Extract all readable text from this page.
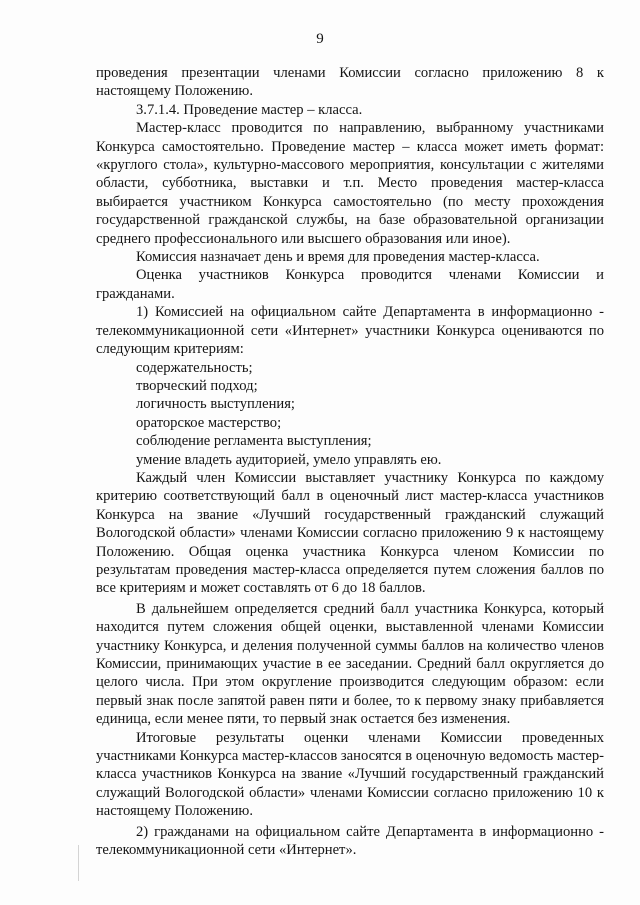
9

проведения презентации членами Комиссии согласно приложению 8 к настоящему Положению.

3.7.1.4. Проведение мастер – класса.

Мастер-класс проводится по направлению, выбранному участниками Конкурса самостоятельно. Проведение мастер – класса может иметь формат: «круглого стола», культурно-массового мероприятия, консультации с жителями области, субботника, выставки и т.п. Место проведения мастер-класса выбирается участником Конкурса самостоятельно (по месту прохождения государственной гражданской службы, на базе образовательной организации среднего профессионального или высшего образования или иное).

Комиссия назначает день и время для проведения мастер-класса.

Оценка участников Конкурса проводится членами Комиссии и гражданами.

1) Комиссией на официальном сайте Департамента в информационно - телекоммуникационной сети «Интернет» участники Конкурса оцениваются по следующим критериям:

содержательность;

творческий подход;

логичность выступления;

ораторское мастерство;

соблюдение регламента выступления;

умение владеть аудиторией, умело управлять ею.

Каждый член Комиссии выставляет участнику Конкурса по каждому критерию соответствующий балл в оценочный лист мастер-класса участников Конкурса на звание «Лучший государственный гражданский служащий Вологодской области» членами Комиссии согласно приложению 9 к настоящему Положению. Общая оценка участника Конкурса членом Комиссии по результатам проведения мастер-класса определяется путем сложения баллов по все критериям и может составлять от 6 до 18 баллов.

В дальнейшем определяется средний балл участника Конкурса, который находится путем сложения общей оценки, выставленной членами Комиссии участнику Конкурса, и деления полученной суммы баллов на количество членов Комиссии, принимающих участие в ее заседании. Средний балл округляется до целого числа. При этом округление производится следующим образом: если первый знак после запятой равен пяти и более, то к первому знаку прибавляется единица, если менее пяти, то первый знак остается без изменения.

Итоговые результаты оценки членами Комиссии проведенных участниками Конкурса мастер-классов заносятся в оценочную ведомость мастер-класса участников Конкурса на звание «Лучший государственный гражданский служащий Вологодской области» членами Комиссии согласно приложению 10 к настоящему Положению.

2) гражданами на официальном сайте Департамента в информационно - телекоммуникационной сети «Интернет».
